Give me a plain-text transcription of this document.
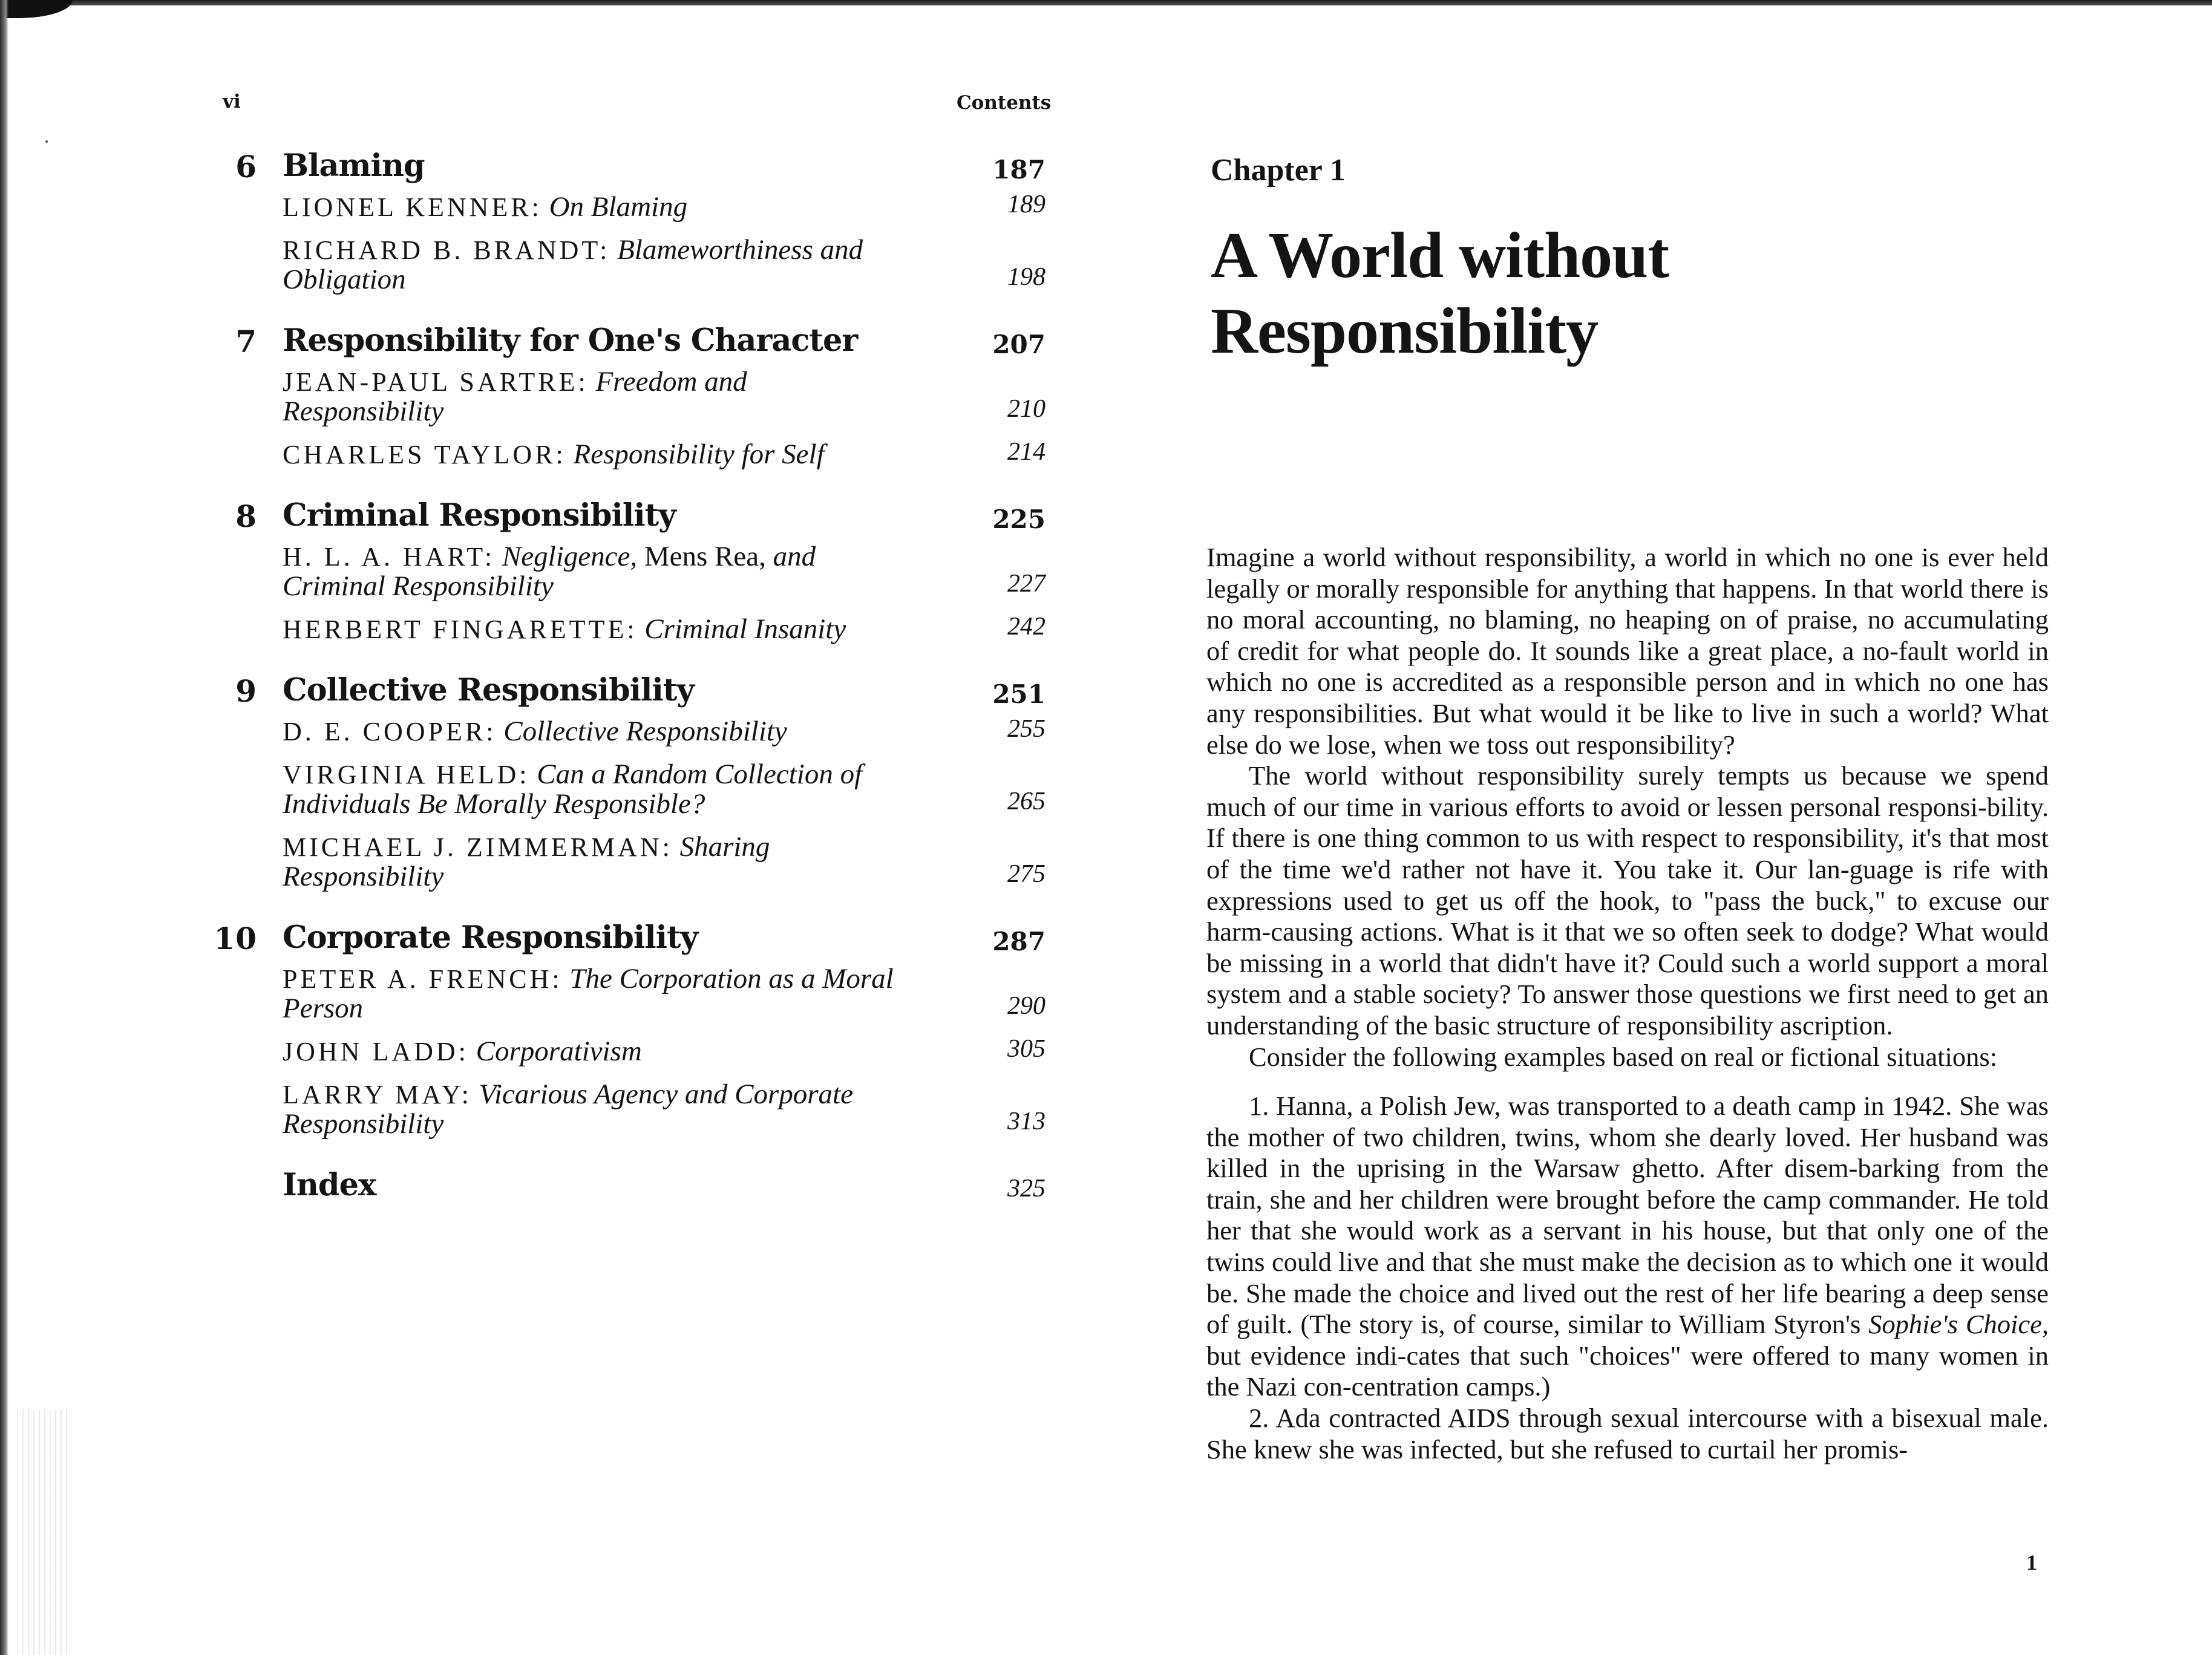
vi	Contents
6 Blaming	187
LIONEL KENNER: On Blaming	189
RICHARD B. BRANDT: Blameworthiness and Obligation	198
7 Responsibility for One's Character	207
JEAN-PAUL SARTRE: Freedom and Responsibility	210
CHARLES TAYLOR: Responsibility for Self	214
8 Criminal Responsibility	225
H. L. A. HART: Negligence, Mens Rea, and Criminal Responsibility	227
HERBERT FINGARETTE: Criminal Insanity	242
9 Collective Responsibility	251
D. E. COOPER: Collective Responsibility	255
VIRGINIA HELD: Can a Random Collection of Individuals Be Morally Responsible?	265
MICHAEL J. ZIMMERMAN: Sharing Responsibility	275
10 Corporate Responsibility	287
PETER A. FRENCH: The Corporation as a Moral Person	290
JOHN LADD: Corporativism	305
LARRY MAY: Vicarious Agency and Corporate Responsibility	313
Index	325
Chapter 1
A World without
Responsibility

Imagine a world without responsibility, a world in which no one is ever held legally or morally responsible for anything that happens. In that world there is no moral accounting, no blaming, no heaping on of praise, no accumulating of credit for what people do. It sounds like a great place, a no-fault world in which no one is accredited as a responsible person and in which no one has any responsibilities. But what would it be like to live in such a world? What else do we lose, when we toss out responsibility?

The world without responsibility surely tempts us because we spend much of our time in various efforts to avoid or lessen personal responsi-bility. If there is one thing common to us with respect to responsibility, it's that most of the time we'd rather not have it. You take it. Our lan-guage is rife with expressions used to get us off the hook, to "pass the buck," to excuse our harm-causing actions. What is it that we so often seek to dodge? What would be missing in a world that didn't have it? Could such a world support a moral system and a stable society? To answer those questions we first need to get an understanding of the basic structure of responsibility ascription.

Consider the following examples based on real or fictional situations:

1. Hanna, a Polish Jew, was transported to a death camp in 1942. She was the mother of two children, twins, whom she dearly loved. Her husband was killed in the uprising in the Warsaw ghetto. After disem-barking from the train, she and her children were brought before the camp commander. He told her that she would work as a servant in his house, but that only one of the twins could live and that she must make the decision as to which one it would be. She made the choice and lived out the rest of her life bearing a deep sense of guilt. (The story is, of course, similar to William Styron's Sophie's Choice, but evidence indi-cates that such "choices" were offered to many women in the Nazi con-centration camps.)

2. Ada contracted AIDS through sexual intercourse with a bisexual male. She knew she was infected, but she refused to curtail her promis-

1
